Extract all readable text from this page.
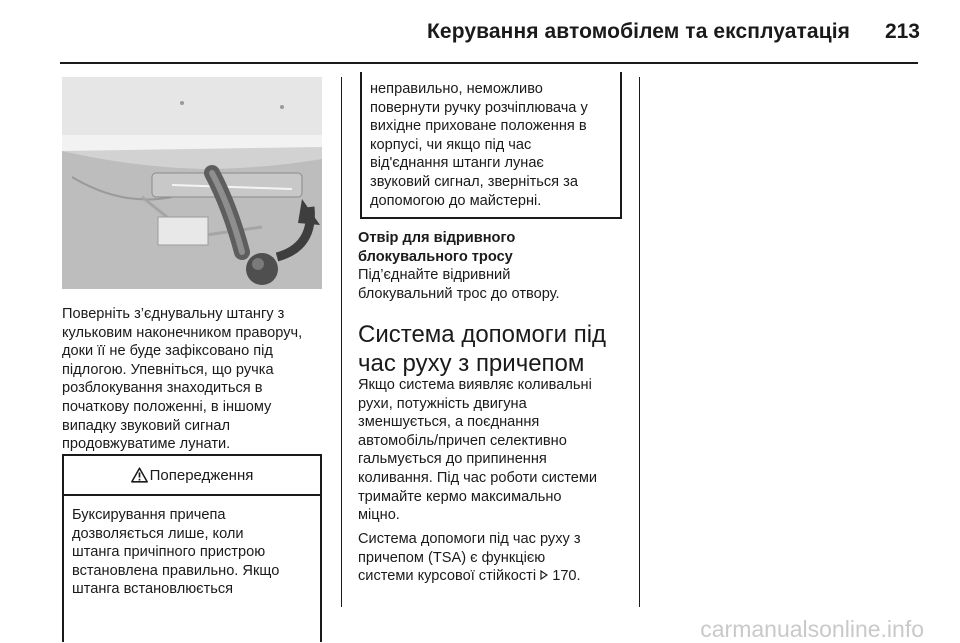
Керування автомобілем та експлуатація 213
Поверніть з’єднувальну штангу з
кульковим наконечником праворуч,
доки її не буде зафіксовано під
підлогою. Упевніться, що ручка
розблокування знаходиться в
початкову положенні, в іншому
випадку звуковий сигнал
продовжуватиме лунати.
Попередження
Буксирування причепа
дозволяється лише, коли
штанга причіпного пристрою
встановлена правильно. Якщо
штанга встановлюється
неправильно, неможливо
повернути ручку розчіплювача у
вихідне приховане положення в
корпусі, чи якщо під час
від'єднання штанги лунає
звуковий сигнал, зверніться за
допомогою до майстерні.
Отвір для відривного
блокувального тросу
Під’єднайте відривний
блокувальний трос до отвору.
Система допомоги під
час руху з причепом
Якщо система виявляє коливальні
рухи, потужність двигуна
зменшується, а поєднання
автомобіль/причеп селективно
гальмується до припинення
коливання. Під час роботи системи
тримайте кермо максимально
міцно.
Система допомоги під час руху з
причепом (TSA) є функцією
системи курсової стійкості 170.
carmanualsonline.info
